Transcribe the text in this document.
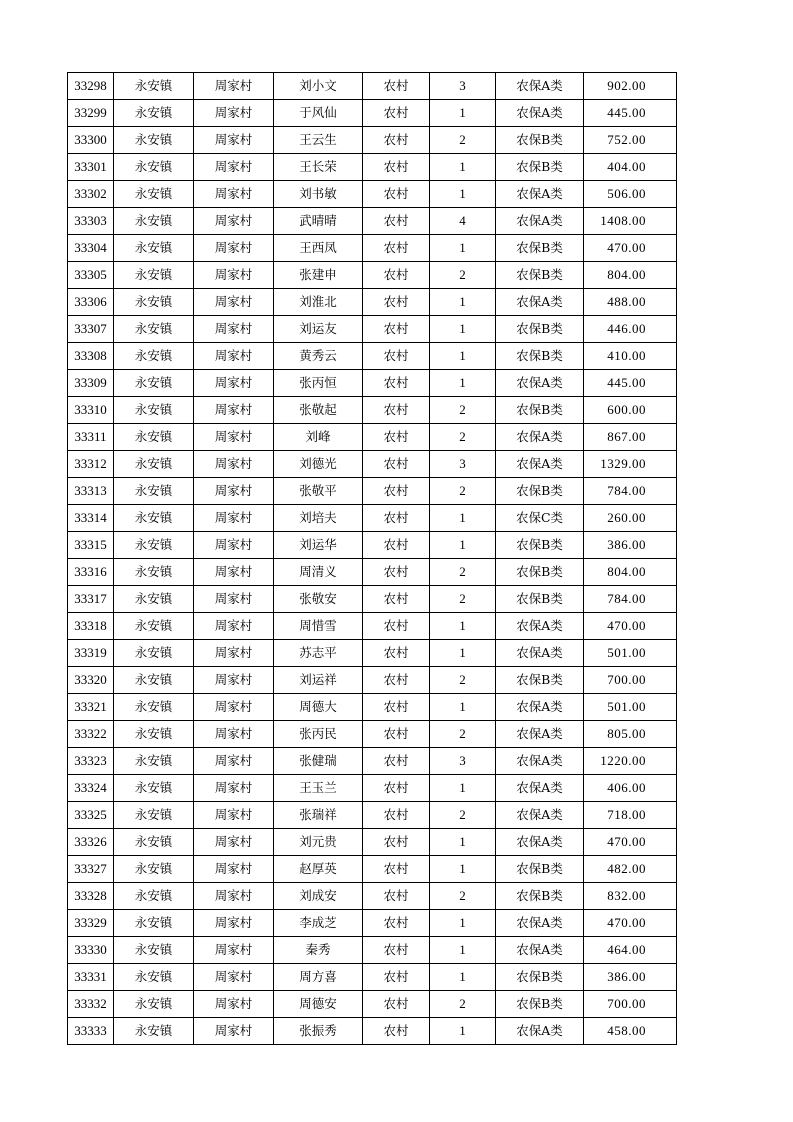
33298	永安镇	周家村	刘小文	农村	3	农保A类	902.00
33299	永安镇	周家村	于风仙	农村	1	农保A类	445.00
33300	永安镇	周家村	王云生	农村	2	农保B类	752.00
33301	永安镇	周家村	王长荣	农村	1	农保B类	404.00
33302	永安镇	周家村	刘书敏	农村	1	农保A类	506.00
33303	永安镇	周家村	武晴晴	农村	4	农保A类	1408.00
33304	永安镇	周家村	王西凤	农村	1	农保B类	470.00
33305	永安镇	周家村	张建申	农村	2	农保B类	804.00
33306	永安镇	周家村	刘淮北	农村	1	农保A类	488.00
33307	永安镇	周家村	刘运友	农村	1	农保B类	446.00
33308	永安镇	周家村	黄秀云	农村	1	农保B类	410.00
33309	永安镇	周家村	张丙恒	农村	1	农保A类	445.00
33310	永安镇	周家村	张敬起	农村	2	农保B类	600.00
33311	永安镇	周家村	刘峰	农村	2	农保A类	867.00
33312	永安镇	周家村	刘德光	农村	3	农保A类	1329.00
33313	永安镇	周家村	张敬平	农村	2	农保B类	784.00
33314	永安镇	周家村	刘培夫	农村	1	农保C类	260.00
33315	永安镇	周家村	刘运华	农村	1	农保B类	386.00
33316	永安镇	周家村	周清义	农村	2	农保B类	804.00
33317	永安镇	周家村	张敬安	农村	2	农保B类	784.00
33318	永安镇	周家村	周惜雪	农村	1	农保A类	470.00
33319	永安镇	周家村	苏志平	农村	1	农保A类	501.00
33320	永安镇	周家村	刘运祥	农村	2	农保B类	700.00
33321	永安镇	周家村	周德大	农村	1	农保A类	501.00
33322	永安镇	周家村	张丙民	农村	2	农保A类	805.00
33323	永安镇	周家村	张健瑞	农村	3	农保A类	1220.00
33324	永安镇	周家村	王玉兰	农村	1	农保A类	406.00
33325	永安镇	周家村	张瑞祥	农村	2	农保A类	718.00
33326	永安镇	周家村	刘元贵	农村	1	农保A类	470.00
33327	永安镇	周家村	赵厚英	农村	1	农保B类	482.00
33328	永安镇	周家村	刘成安	农村	2	农保B类	832.00
33329	永安镇	周家村	李成芝	农村	1	农保A类	470.00
33330	永安镇	周家村	秦秀	农村	1	农保A类	464.00
33331	永安镇	周家村	周方喜	农村	1	农保B类	386.00
33332	永安镇	周家村	周德安	农村	2	农保B类	700.00
33333	永安镇	周家村	张振秀	农村	1	农保A类	458.00
